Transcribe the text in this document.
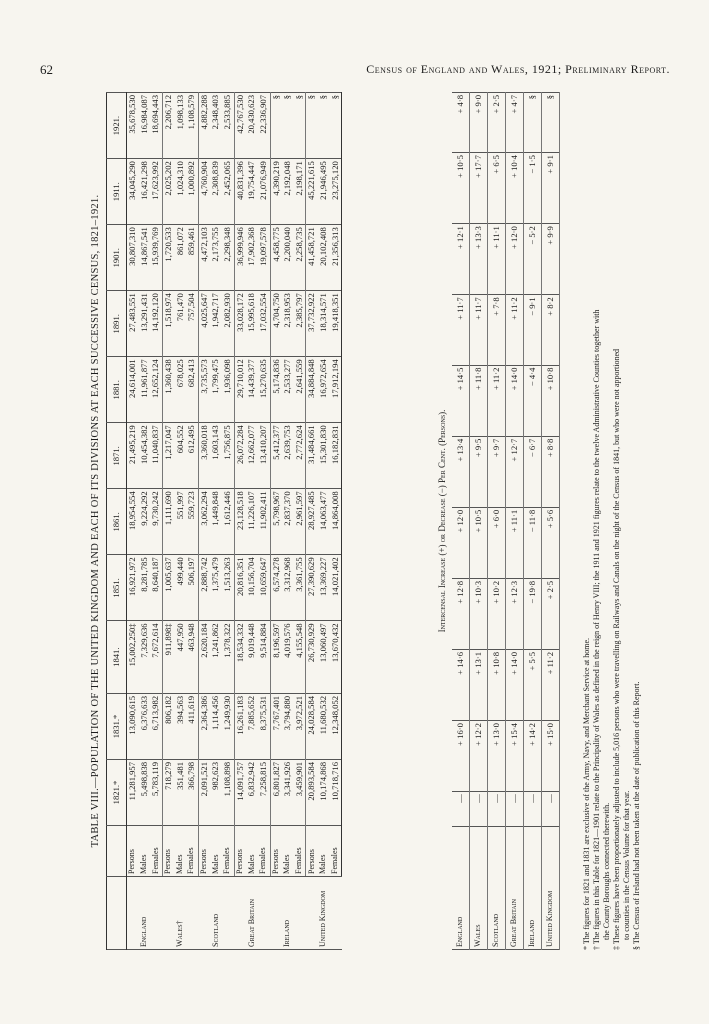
62	Census of England and Wales, 1921; Preliminary Report.
TABLE VIII.—POPULATION OF THE UNITED KINGDOM AND EACH OF ITS DIVISIONS AT EACH SUCCESSIVE CENSUS, 1821–1921.
		1821.*	1831.*	1841.	1851.	1861.	1871.	1881.	1891.	1901.	1911.	1921.
England	Persons	11,281,957	13,090,615	15,002,250‡	16,921,972	18,954,554	21,495,219	24,614,001	27,483,551	30,807,310	34,045,290	35,678,530
	Males	5,498,838	6,376,633	7,329,636	8,281,785	9,224,292	10,454,382	11,961,877	13,291,431	14,867,541	16,421,298	16,984,087
	Females	5,783,119	6,713,982	7,672,614	8,640,187	9,730,242	11,040,837	12,652,124	14,192,120	15,939,769	17,623,992	18,694,443
Wales†	Persons	718,279	806,182	911,898‡	1,005,637	1,111,690	1,217,047	1,360,438	1,518,974	1,720,533	2,025,202	2,206,712
	Males	351,481	394,563	447,950	499,440	551,997	604,552	678,025	761,470	861,072	1,024,310	1,098,133
	Females	366,798	411,619	463,948	506,197	559,723	612,495	682,413	757,504	859,461	1,000,892	1,108,579
Scotland	Persons	2,091,521	2,364,386	2,620,184	2,888,742	3,062,294	3,360,018	3,735,573	4,025,647	4,472,103	4,760,904	4,882,288
	Males	982,623	1,114,456	1,241,862	1,375,479	1,449,848	1,603,143	1,799,475	1,942,717	2,173,755	2,308,839	2,348,403
	Females	1,108,898	1,249,930	1,378,322	1,513,263	1,612,446	1,756,875	1,936,098	2,082,930	2,298,348	2,452,065	2,533,885
Great Britain	Persons	14,091,757	16,261,183	18,534,332	20,816,351	23,128,518	26,072,284	29,710,012	33,028,172	36,999,946	40,831,396	42,767,530
	Males	6,832,942	7,885,652	9,019,448	10,156,704	11,226,107	12,662,077	14,439,377	15,995,618	17,902,368	19,754,447	20,430,623
	Females	7,258,815	8,375,531	9,514,884	10,659,647	11,902,411	13,410,207	15,270,635	17,032,554	19,097,578	21,076,949	22,336,907
Ireland	Persons	6,801,827	7,767,401	8,196,597	6,574,278	5,798,967	5,412,377	5,174,836	4,704,750	4,458,775	4,390,219	§
	Males	3,341,926	3,794,880	4,019,576	3,312,968	2,837,370	2,639,753	2,533,277	2,318,953	2,200,040	2,192,048	§
	Females	3,459,901	3,972,521	4,155,548	3,361,755	2,961,597	2,772,624	2,641,559	2,385,797	2,258,735	2,198,171	§
United Kingdom	Persons	20,893,584	24,028,584	26,730,929	27,390,629	28,927,485	31,484,661	34,884,848	37,732,922	41,458,721	45,221,615	§
	Males	10,174,868	11,680,532	13,060,497	13,369,227	14,063,477	15,301,830	16,972,654	18,314,571	20,102,408	21,946,495	§
	Females	10,718,716	12,348,052	13,670,432	14,021,402	14,864,008	16,182,831	17,912,194	19,418,351	21,356,313	23,275,120	§
Intercensal Increase (+) or Decrease (−) Per Cent. (Persons).
England	—	+ 16·0	+ 14·6	+ 12·8	+ 12·0	+ 13·4	+ 14·5	+ 11·7	+ 12·1	+ 10·5	+ 4·8
Wales	—	+ 12·2	+ 13·1	+ 10·3	+ 10·5	+ 9·5	+ 11·8	+ 11·7	+ 13·3	+ 17·7	+ 9·0
Scotland	—	+ 13·0	+ 10·8	+ 10·2	+ 6·0	+ 9·7	+ 11·2	+ 7·8	+ 11·1	+ 6·5	+ 2·5
Great Britain	—	+ 15·4	+ 14·0	+ 12·3	+ 11·1	+ 12·7	+ 14·0	+ 11·2	+ 12·0	+ 10·4	+ 4·7
Ireland	—	+ 14·2	+ 5·5	− 19·8	− 11·8	− 6·7	− 4·4	− 9·1	− 5·2	− 1·5	§
United Kingdom	—	+ 15·0	+ 11·2	+ 2·5	+ 5·6	+ 8·8	+ 10·8	+ 8·2	+ 9·9	+ 9·1	§
* The figures for 1821 and 1831 are exclusive of the Army, Navy, and Merchant Service at home. † The figures in this Table for 1821—1901 relate to the Principality of Wales as defined in the reign of Henry VIII; the 1911 and 1921 figures relate to the twelve Administrative Counties together with the County Boroughs connected therewith. ‡ These figures have been proportionately adjusted to include 5,016 persons who were travelling on Railways and Canals on the night of the Census of 1841, but who were not apportioned to counties in the Census Volume for that year. § The Census of Ireland had not been taken at the date of publication of this Report.
